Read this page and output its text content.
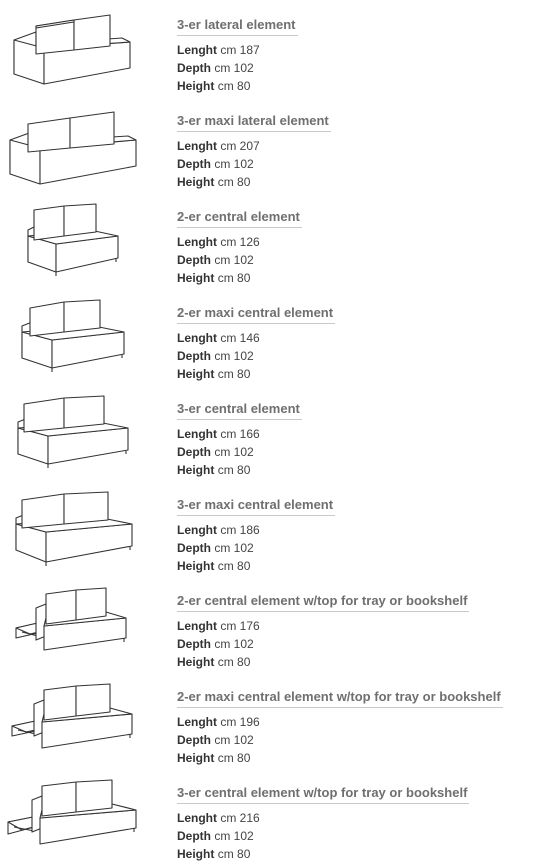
3-er lateral element
Lenght cm 187
Depth cm 102
Height cm 80
3-er maxi lateral element
Lenght cm 207
Depth cm 102
Height cm 80
2-er central element
Lenght cm 126
Depth cm 102
Height cm 80
2-er maxi central element
Lenght cm 146
Depth cm 102
Height cm 80
3-er central element
Lenght cm 166
Depth cm 102
Height cm 80
3-er maxi central element
Lenght cm 186
Depth cm 102
Height cm 80
2-er central element w/top for tray or bookshelf
Lenght cm 176
Depth cm 102
Height cm 80
2-er maxi central element w/top for tray or bookshelf
Lenght cm 196
Depth cm 102
Height cm 80
3-er central element w/top for tray or bookshelf
Lenght cm 216
Depth cm 102
Height cm 80
